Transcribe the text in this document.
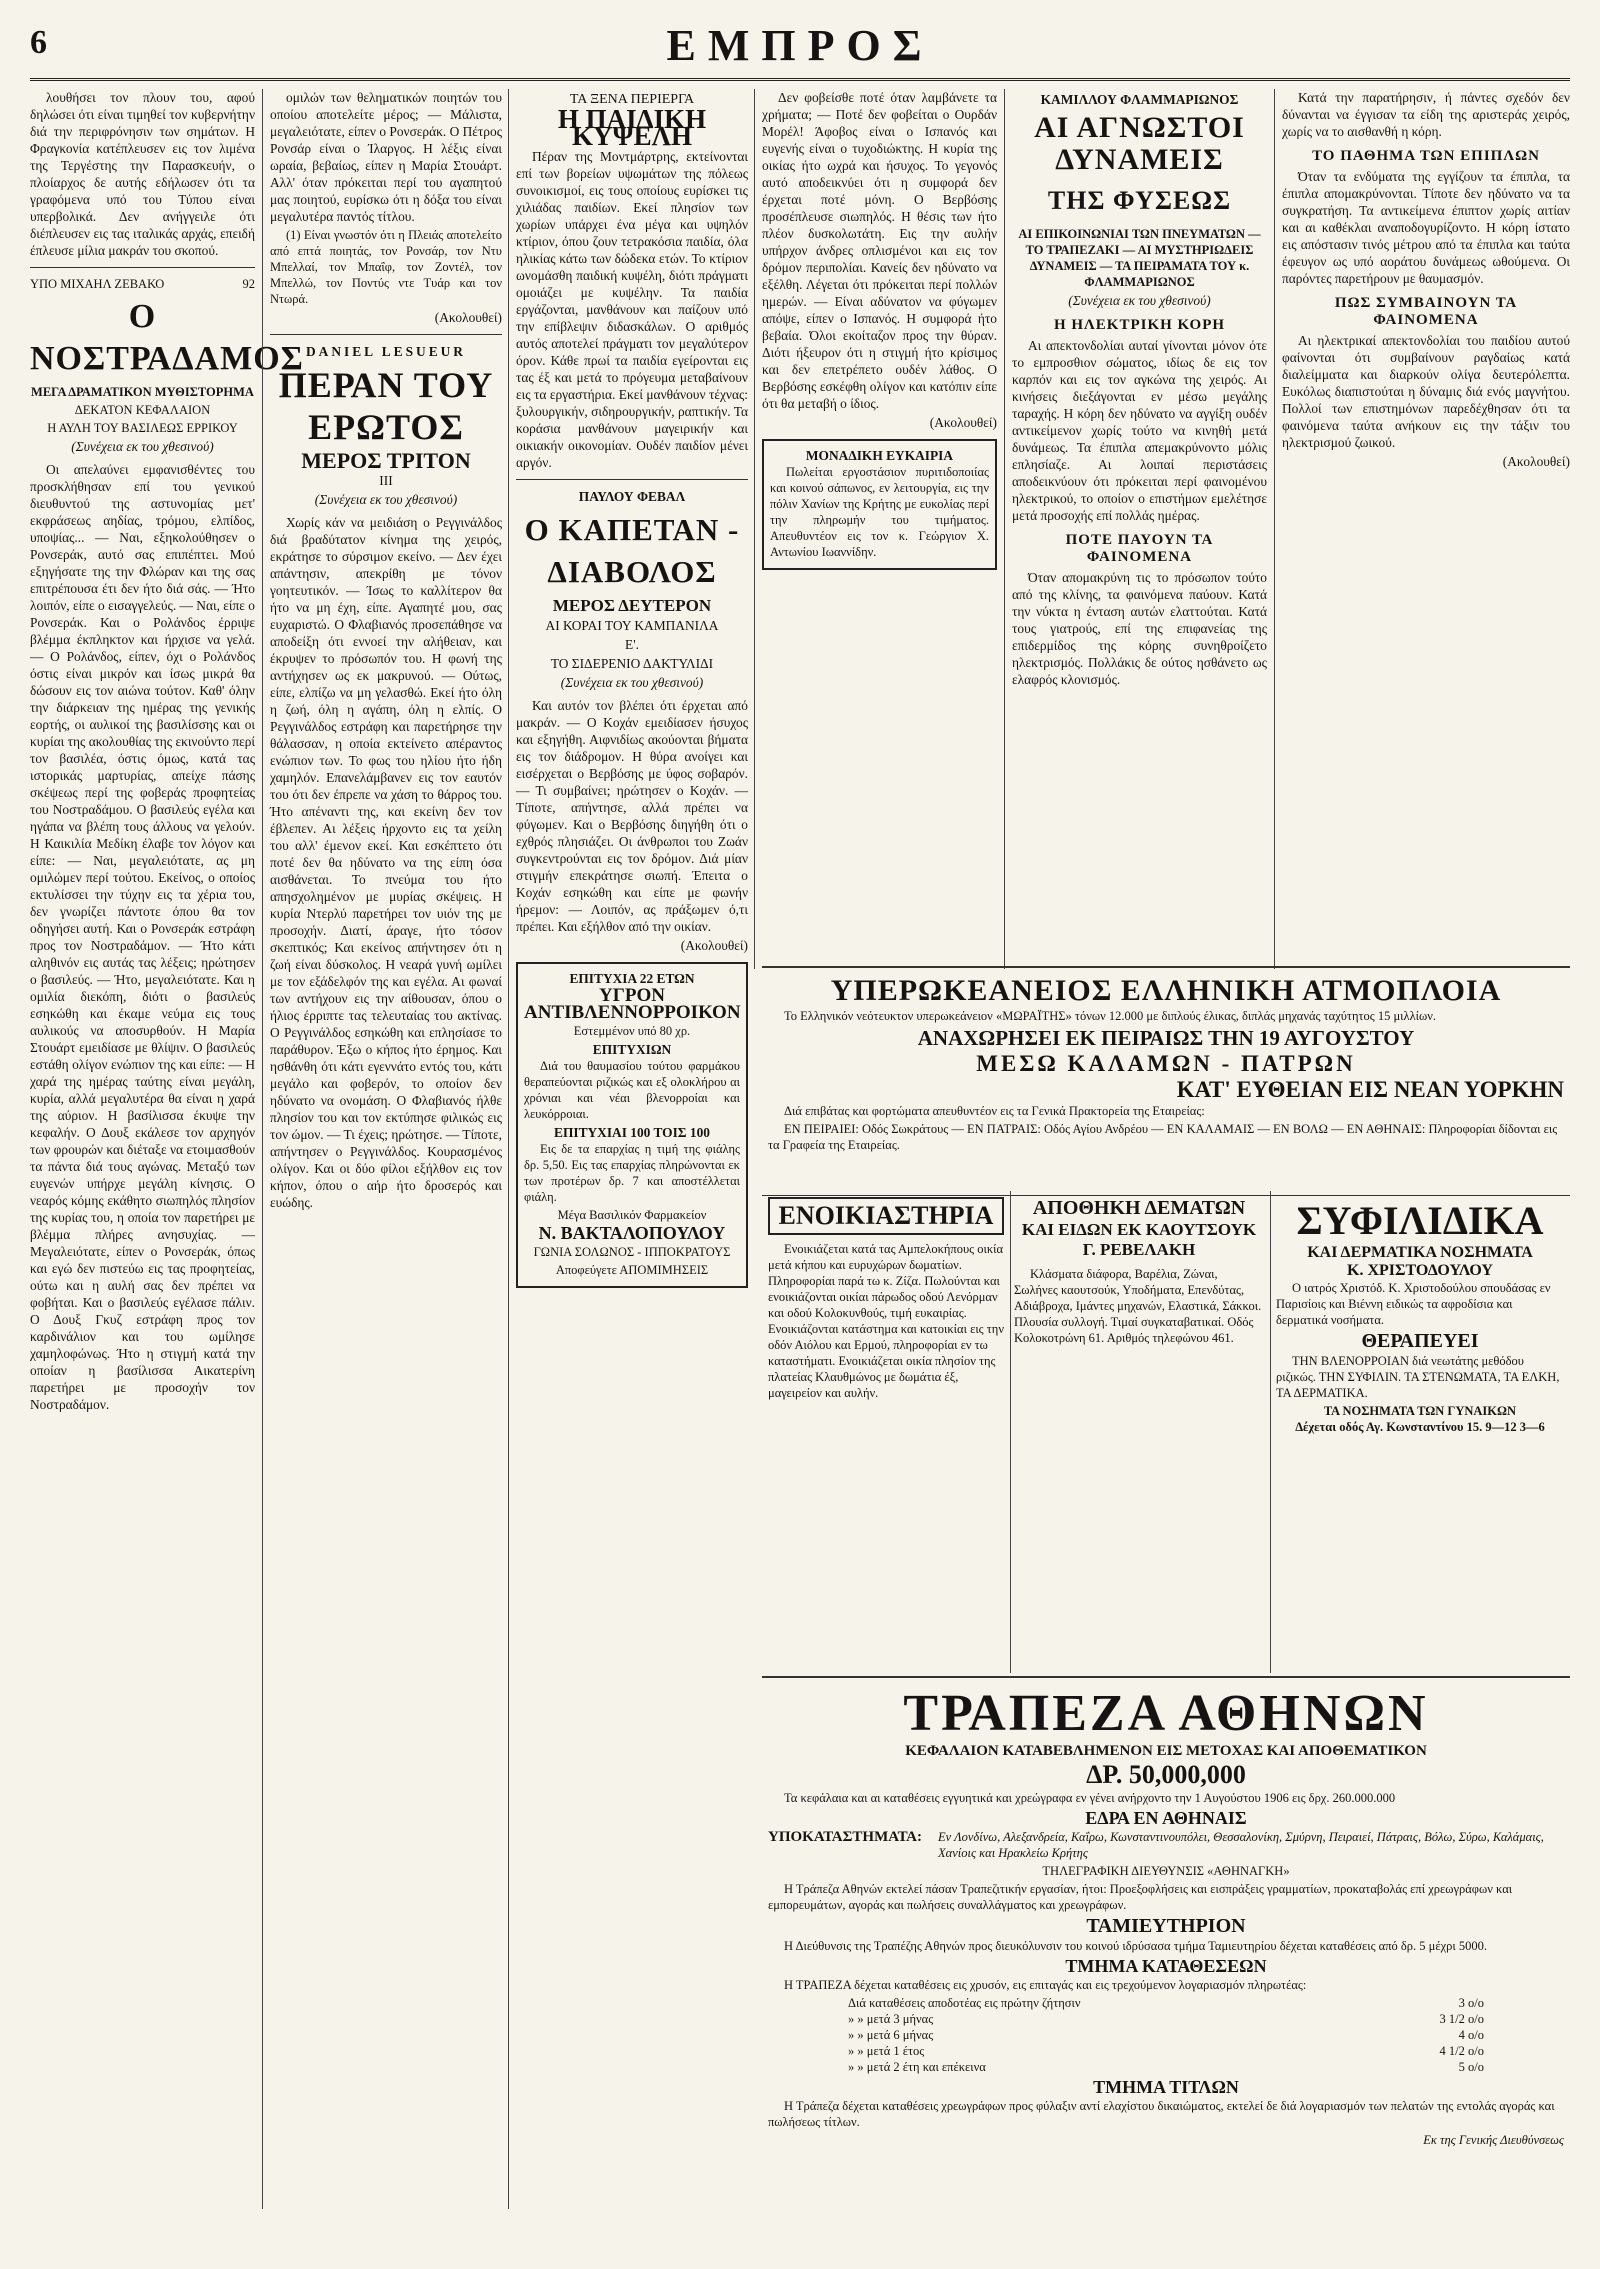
6	ΕΜΠΡΟΣ

λουθήσει τον πλουν του, αφού δηλώσει ότι είναι τιμηθεί τον κυβερνήτην διά την περιφρόνησιν των σημάτων. Η Φραγκονία κατέπλευσεν εις τον λιμένα της Τεργέστης την Παρασκευήν, ο πλοίαρχος δε αυτής εδήλωσεν ότι τα γραφόμενα υπό του Τύπου είναι υπερβολικά. Δεν ανήγγειλε ότι διέπλευσεν εις τας ιταλικάς αρχάς, επειδή έπλευσε μίλια μακράν του σκοπού.

ΥΠΟ ΜΙΧΑΗΛ ΖΕΒΑΚΟ	92
Ο ΝΟΣΤΡΑΔΑΜΟΣ
ΜΕΓΑ ΔΡΑΜΑΤΙΚΟΝ ΜΥΘΙΣΤΟΡΗΜΑ
ΔΕΚΑΤΟΝ ΚΕΦΑΛΑΙΟΝ
Η ΑΥΛΗ ΤΟΥ ΒΑΣΙΛΕΩΣ ΕΡΡΙΚΟΥ
(Συνέχεια εκ του χθεσινού)

Οι απελαύνει εμφανισθέντες του προσκλήθησαν επί του γενικού διευθυντού της αστυνομίας μετ' εκφράσεως αηδίας, τρόμου, ελπίδος, υποψίας... — Ναι, εξηκολούθησεν ο Ρονσεράκ, αυτό σας επιπέπτει. Μού εξηγήσατε της την Φλώραν και της σας επιτρέπουσα έτι δεν ήτο διά σάς. — Ήτο λοιπόν, είπε ο εισαγγελεύς. — Ναι, είπε ο Ρονσεράκ. Και ο Ρολάνδος έρριψε βλέμμα έκπληκτον και ήρχισε να γελά. — Ο Ρολάνδος, είπεν, όχι ο Ρολάνδος όστις είναι μικρόν και ίσως μικρά θα δώσουν εις τον αιώνα τούτον. Καθ' όλην την διάρκειαν της ημέρας της γενικής εορτής, οι αυλικοί της βασιλίσσης και οι κυρίαι της ακολουθίας της εκινούντο περί τον βασιλέα, όστις όμως, κατά τας ιστορικάς μαρτυρίας, απείχε πάσης σκέψεως περί της φοβεράς προφητείας του Νοστραδάμου. Ο βασιλεύς εγέλα και ηγάπα να βλέπη τους άλλους να γελούν. Η Καικιλία Μεδίκη έλαβε τον λόγον και είπε: — Ναι, μεγαλειότατε, ας μη ομιλώμεν περί τούτου. Εκείνος, ο οποίος εκτυλίσσει την τύχην εις τα χέρια του, δεν γνωρίζει πάντοτε όπου θα τον οδηγήσει αυτή. Και ο Ρονσεράκ εστράφη προς τον Νοστραδάμον. — Ήτο κάτι αληθινόν εις αυτάς τας λέξεις; ηρώτησεν ο βασιλεύς. — Ήτο, μεγαλειότατε. Και η ομιλία διεκόπη, διότι ο βασιλεύς εσηκώθη και έκαμε νεύμα εις τους αυλικούς να αποσυρθούν. Η Μαρία Στουάρτ εμειδίασε με θλίψιν. Ο βασιλεύς εστάθη ολίγον ενώπιον της και είπε: — Η χαρά της ημέρας ταύτης είναι μεγάλη, κυρία, αλλά μεγαλυτέρα θα είναι η χαρά της αύριον. Η βασίλισσα έκυψε την κεφαλήν. Ο Δουξ εκάλεσε τον αρχηγόν των φρουρών και διέταξε να ετοιμασθούν τα πάντα διά τους αγώνας. Μεταξύ των ευγενών υπήρχε μεγάλη κίνησις. Ο νεαρός κόμης εκάθητο σιωπηλός πλησίον της κυρίας του, η οποία τον παρετήρει με βλέμμα πλήρες ανησυχίας. — Μεγαλειότατε, είπεν ο Ρονσεράκ, όπως και εγώ δεν πιστεύω εις τας προφητείας, ούτω και η αυλή σας δεν πρέπει να φοβήται. Και ο βασιλεύς εγέλασε πάλιν. Ο Δουξ Γκυζ εστράφη προς τον καρδινάλιον και του ωμίλησε χαμηλοφώνως. Ήτο η στιγμή κατά την οποίαν η βασίλισσα Αικατερίνη παρετήρει με προσοχήν τον Νοστραδάμον.

ομιλών των θεληματικών ποιητών του οποίου αποτελείτε μέρος; — Μάλιστα, μεγαλειότατε, είπεν ο Ρονσεράκ. Ο Πέτρος Ρονσάρ είναι ο Ίλαργος. Η λέξις είναι ωραία, βεβαίως, είπεν η Μαρία Στουάρτ. Αλλ' όταν πρόκειται περί του αγαπητού μας ποιητού, ευρίσκω ότι η δόξα του είναι μεγαλυτέρα παντός τίτλου.

(1) Είναι γνωστόν ότι η Πλειάς αποτελείτο από επτά ποιητάς, τον Ρονσάρ, τον Ντυ Μπελλαί, τον Μπαΐφ, τον Ζοντέλ, τον Μπελλώ, τον Ποντύς ντε Τυάρ και τον Ντωρά.

(Ακολουθεί)
DANIEL LESUEUR
ΠΕΡΑΝ ΤΟΥ ΕΡΩΤΟΣ
ΜΕΡΟΣ ΤΡΙΤΟΝ
ΙΙΙ
(Συνέχεια εκ του χθεσινού)

Χωρίς κάν να μειδιάση ο Ρεγγινάλδος διά βραδύτατον κίνημα της χειρός, εκράτησε το σύρσιμον εκείνο. — Δεν έχει απάντησιν, απεκρίθη με τόνον γοητευτικόν. — Ίσως το καλλίτερον θα ήτο να μη έχη, είπε. Αγαπητέ μου, σας ευχαριστώ. Ο Φλαβιανός προσεπάθησε να αποδείξη ότι εννοεί την αλήθειαν, και έκρυψεν το πρόσωπόν του. Η φωνή της αντήχησεν ως εκ μακρυνού. — Ούτως, είπε, ελπίζω να μη γελασθώ. Εκεί ήτο όλη η ζωή, όλη η αγάπη, όλη η ελπίς. Ο Ρεγγινάλδος εστράφη και παρετήρησε την θάλασσαν, η οποία εκτείνετο απέραντος ενώπιον των. Το φως του ηλίου ήτο ήδη χαμηλόν. Επανελάμβανεν εις τον εαυτόν του ότι δεν έπρεπε να χάση το θάρρος του. Ήτο απέναντι της, και εκείνη δεν τον έβλεπεν. Αι λέξεις ήρχοντο εις τα χείλη του αλλ' έμενον εκεί. Και εσκέπτετο ότι ποτέ δεν θα ηδύνατο να της είπη όσα αισθάνεται. Το πνεύμα του ήτο απησχολημένον με μυρίας σκέψεις. Η κυρία Ντερλύ παρετήρει τον υιόν της με προσοχήν. Διατί, άραγε, ήτο τόσον σκεπτικός; Και εκείνος απήντησεν ότι η ζωή είναι δύσκολος. Η νεαρά γυνή ωμίλει με τον εξάδελφόν της και εγέλα. Αι φωναί των αντήχουν εις την αίθουσαν, όπου ο ήλιος έρριπτε τας τελευταίας του ακτίνας. Ο Ρεγγινάλδος εσηκώθη και επλησίασε το παράθυρον. Έξω ο κήπος ήτο έρημος. Και ησθάνθη ότι κάτι εγεννάτο εντός του, κάτι μεγάλο και φοβερόν, το οποίον δεν ηδύνατο να ονομάση. Ο Φλαβιανός ήλθε πλησίον του και τον εκτύπησε φιλικώς εις τον ώμον. — Τι έχεις; ηρώτησε. — Τίποτε, απήντησεν ο Ρεγγινάλδος. Κουρασμένος ολίγον. Και οι δύο φίλοι εξήλθον εις τον κήπον, όπου ο αήρ ήτο δροσερός και ευώδης.

ΤΑ ΞΕΝΑ ΠΕΡΙΕΡΓΑ
Η ΠΑΙΔΙΚΗ ΚΥΨΕΛΗ

Πέραν της Μοντμάρτρης, εκτείνονται επί των βορείων υψωμάτων της πόλεως συνοικισμοί, εις τους οποίους ευρίσκει τις χιλιάδας παιδίων. Εκεί πλησίον των χωρίων υπάρχει ένα μέγα και υψηλόν κτίριον, όπου ζουν τετρακόσια παιδία, όλα ηλικίας κάτω των δώδεκα ετών. Το κτίριον ωνομάσθη παιδική κυψέλη, διότι πράγματι ομοιάζει με κυψέλην. Τα παιδία εργάζονται, μανθάνουν και παίζουν υπό την επίβλεψιν διδασκάλων. Ο αριθμός αυτός αποτελεί πράγματι τον μεγαλύτερον όρον. Κάθε πρωί τα παιδία εγείρονται εις τας έξ και μετά το πρόγευμα μεταβαίνουν εις τα εργαστήρια. Εκεί μανθάνουν τέχνας: ξυλουργικήν, σιδηρουργικήν, ραπτικήν. Τα κοράσια μανθάνουν μαγειρικήν και οικιακήν οικονομίαν. Ουδέν παιδίον μένει αργόν.

ΠΑΥΛΟΥ ΦΕΒΑΛ
Ο ΚΑΠΕΤΑΝ - ΔΙΑΒΟΛΟΣ
ΜΕΡΟΣ ΔΕΥΤΕΡΟΝ
ΑΙ ΚΟΡΑΙ ΤΟΥ ΚΑΜΠΑΝΙΛΑ
Ε'.
ΤΟ ΣΙΔΕΡΕΝΙΟ ΔΑΚΤΥΛΙΔΙ
(Συνέχεια εκ του χθεσινού)

Και αυτόν τον βλέπει ότι έρχεται από μακράν. — Ο Κοχάν εμειδίασεν ήσυχος και εξηγήθη. Αιφνιδίως ακούονται βήματα εις τον διάδρομον. Η θύρα ανοίγει και εισέρχεται ο Βερβόσης με ύφος σοβαρόν. — Τι συμβαίνει; ηρώτησεν ο Κοχάν. — Τίποτε, απήντησε, αλλά πρέπει να φύγωμεν. Και ο Βερβόσης διηγήθη ότι ο εχθρός πλησιάζει. Οι άνθρωποι του Ζωάν συγκεντρούνται εις τον δρόμον. Διά μίαν στιγμήν επεκράτησε σιωπή. Έπειτα ο Κοχάν εσηκώθη και είπε με φωνήν ήρεμον: — Λοιπόν, ας πράξωμεν ό,τι πρέπει. Και εξήλθον από την οικίαν.

(Ακολουθεί)
ΕΠΙΤΥΧΙΑ 22 ΕΤΩΝ
ΥΓΡΟΝ ΑΝΤΙΒΛΕΝΝΟΡΡΟΙΚΟΝ
Εστεμμένον υπό 80 χρ.
ΕΠΙΤΥΧΙΩΝ

Διά του θαυμασίου τούτου φαρμάκου θεραπεύονται ριζικώς και εξ ολοκλήρου αι χρόνιαι και νέαι βλενορροίαι και λευκόρροιαι.

ΕΠΙΤΥΧΙΑΙ 100 ΤΟΙΣ 100

Εις δε τα επαρχίας η τιμή της φιάλης δρ. 5,50. Εις τας επαρχίας πληρώνονται εκ των προτέρων δρ. 7 και αποστέλλεται φιάλη.

Μέγα Βασιλικόν Φαρμακείον
Ν. ΒΑΚΤΑΛΟΠΟΥΛΟΥ
ΓΩΝΙΑ ΣΟΛΩΝΟΣ - ΙΠΠΟΚΡΑΤΟΥΣ
Αποφεύγετε ΑΠΟΜΙΜΗΣΕΙΣ

Δεν φοβείσθε ποτέ όταν λαμβάνετε τα χρήματα; — Ποτέ δεν φοβείται ο Ουρδάν Μορέλ! Άφοβος είναι ο Ισπανός και ευγενής είναι ο τυχοδιώκτης. Η κυρία της οικίας ήτο ωχρά και ήσυχος. Το γεγονός αυτό αποδεικνύει ότι η συμφορά δεν έρχεται ποτέ μόνη. Ο Βερβόσης προσέπλευσε σιωπηλός. Η θέσις των ήτο πλέον δυσκολωτάτη. Εις την αυλήν υπήρχον άνδρες οπλισμένοι και εις τον δρόμον περιπολίαι. Κανείς δεν ηδύνατο να εξέλθη. Λέγεται ότι πρόκειται περί πολλών ημερών. — Είναι αδύνατον να φύγωμεν απόψε, είπεν ο Ισπανός. Η συμφορά ήτο βεβαία. Όλοι εκοίταζον προς την θύραν. Διότι ήξευρον ότι η στιγμή ήτο κρίσιμος και δεν επετρέπετο ουδέν λάθος. Ο Βερβόσης εσκέφθη ολίγον και κατόπιν είπε ότι θα μεταβή ο ίδιος.

(Ακολουθεί)
ΜΟΝΑΔΙΚΗ ΕΥΚΑΙΡΙΑ

Πωλείται εργοστάσιον πυριτιδοποιίας και κοινού σάπωνος, εν λειτουργία, εις την πόλιν Χανίων της Κρήτης με ευκολίας περί την πληρωμήν του τιμήματος. Απευθυντέον εις τον κ. Γεώργιον Χ. Αντωνίου Ιωαννίδην.

ΚΑΜΙΛΛΟΥ ΦΛΑΜΜΑΡΙΩΝΟΣ
ΑΙ ΑΓΝΩΣΤΟΙ ΔΥΝΑΜΕΙΣ
ΤΗΣ ΦΥΣΕΩΣ
ΑΙ ΕΠΙΚΟΙΝΩΝΙΑΙ ΤΩΝ ΠΝΕΥΜΑΤΩΝ — ΤΟ ΤΡΑΠΕΖΑΚΙ — ΑΙ ΜΥΣΤΗΡΙΩΔΕΙΣ ΔΥΝΑΜΕΙΣ — ΤΑ ΠΕΙΡΑΜΑΤΑ ΤΟΥ κ. ΦΛΑΜΜΑΡΙΩΝΟΣ
(Συνέχεια εκ του χθεσινού)
Η ΗΛΕΚΤΡΙΚΗ ΚΟΡΗ

Αι απεκτονδολίαι αυταί γίνονται μόνον ότε το εμπροσθιον σώματος, ιδίως δε εις τον καρπόν και εις τον αγκώνα της χειρός. Αι κινήσεις διεξάγονται εν μέσω μεγάλης ταραχής. Η κόρη δεν ηδύνατο να αγγίξη ουδέν αντικείμενον χωρίς τούτο να κινηθή μετά δυνάμεως. Τα έπιπλα απεμακρύνοντο μόλις επλησίαζε. Αι λοιπαί περιστάσεις αποδεικνύουν ότι πρόκειται περί φαινομένου ηλεκτρικού, το οποίον ο επιστήμων εμελέτησε μετά προσοχής επί πολλάς ημέρας.

ΠΟΤΕ ΠΑΥΟΥΝ ΤΑ ΦΑΙΝΟΜΕΝΑ

Όταν απομακρύνη τις το πρόσωπον τούτο από της κλίνης, τα φαινόμενα παύουν. Κατά την νύκτα η ένταση αυτών ελαττούται. Κατά τους γιατρούς, επί της επιφανείας της επιδερμίδος της κόρης συνηθροίζετο ηλεκτρισμός. Πολλάκις δε ούτος ησθάνετο ως ελαφρός κλονισμός.

Κατά την παρατήρησιν, ή πάντες σχεδόν δεν δύνανται να έγγισαν τα είδη της αριστεράς χειρός, χωρίς να το αισθανθή η κόρη.

ΤΟ ΠΑΘΗΜΑ ΤΩΝ ΕΠΙΠΛΩΝ

Όταν τα ενδύματα της εγγίζουν τα έπιπλα, τα έπιπλα απομακρύνονται. Τίποτε δεν ηδύνατο να τα συγκρατήση. Τα αντικείμενα έπιπτον χωρίς αιτίαν και αι καθέκλαι αναποδογυρίζοντο. Η κόρη ίστατο εις απόστασιν τινός μέτρου από τα έπιπλα και ταύτα έφευγον ως υπό αοράτου δυνάμεως ωθούμενα. Οι παρόντες παρετήρουν με θαυμασμόν.

ΠΩΣ ΣΥΜΒΑΙΝΟΥΝ ΤΑ ΦΑΙΝΟΜΕΝΑ

Αι ηλεκτρικαί απεκτονδολίαι του παιδίου αυτού φαίνονται ότι συμβαίνουν ραγδαίως κατά διαλείμματα και διαρκούν ολίγα δευτερόλεπτα. Ευκόλως διαπιστούται η δύναμις διά ενός μαγνήτου. Πολλοί των επιστημόνων παρεδέχθησαν ότι τα φαινόμενα ταύτα ανήκουν εις την τάξιν του ηλεκτρισμού ζωικού.

(Ακολουθεί)
ΥΠΕΡΩΚΕΑΝΕΙΟΣ ΕΛΛΗΝΙΚΗ ΑΤΜΟΠΛΟΙΑ

Το Ελληνικόν νεότευκτον υπερωκεάνειον «ΜΩΡΑΪΤΗΣ» τόνων 12.000 με διπλούς έλικας, διπλάς μηχανάς ταχύτητος 15 μιλλίων.

ΑΝΑΧΩΡΗΣΕΙ ΕΚ ΠΕΙΡΑΙΩΣ ΤΗΝ 19 ΑΥΓΟΥΣΤΟΥ
ΜΕΣΩ ΚΑΛΑΜΩΝ - ΠΑΤΡΩΝ
ΚΑΤ' ΕΥΘΕΙΑΝ ΕΙΣ ΝΕΑΝ ΥΟΡΚΗΝ

Διά επιβάτας και φορτώματα απευθυντέον εις τα Γενικά Πρακτορεία της Εταιρείας:

ΕΝ ΠΕΙΡΑΙΕΙ: Οδός Σωκράτους — ΕΝ ΠΑΤΡΑΙΣ: Οδός Αγίου Ανδρέου — ΕΝ ΚΑΛΑΜΑΙΣ — ΕΝ ΒΟΛΩ — ΕΝ ΑΘΗΝΑΙΣ: Πληροφορίαι δίδονται εις τα Γραφεία της Εταιρείας.

ΕΝΟΙΚΙΑΣΤΗΡΙΑ

Ενοικιάζεται κατά τας Αμπελοκήπους οικία μετά κήπου και ευρυχώρων δωματίων. Πληροφορίαι παρά τω κ. Ζίζα. Πωλούνται και ενοικιάζονται οικίαι πάρωδος οδού Λενόρμαν και οδού Κολοκυνθούς, τιμή ευκαιρίας. Ενοικιάζονται κατάστημα και κατοικίαι εις την οδόν Αιόλου και Ερμού, πληροφορίαι εν τω καταστήματι. Ενοικιάζεται οικία πλησίον της πλατείας Κλαυθμώνος με δωμάτια έξ, μαγειρείον και αυλήν.

ΑΠΟΘΗΚΗ ΔΕΜΑΤΩΝ
ΚΑΙ ΕΙΔΩΝ ΕΚ ΚΑΟΥΤΣΟΥΚ
Γ. ΡΕΒΕΛΑΚΗ

Κλάσματα διάφορα, Βαρέλια, Ζώναι, Σωλήνες καουτσούκ, Υποδήματα, Επενδύτας, Αδιάβροχα, Ιμάντες μηχανών, Ελαστικά, Σάκκοι. Πλουσία συλλογή. Τιμαί συγκαταβατικαί. Οδός Κολοκοτρώνη 61. Αριθμός τηλεφώνου 461.

ΣΥΦΙΛΙΔΙΚΑ
ΚΑΙ ΔΕΡΜΑΤΙΚΑ ΝΟΣΗΜΑΤΑ
Κ. ΧΡΙΣΤΟΔΟΥΛΟΥ

Ο ιατρός Χριστόδ. Κ. Χριστοδούλου σπουδάσας εν Παρισίοις και Βιέννη ειδικώς τα αφροδίσια και δερματικά νοσήματα.

ΘΕΡΑΠΕΥΕΙ

ΤΗΝ ΒΛΕΝΟΡΡΟΙΑΝ διά νεωτάτης μεθόδου ριζικώς. ΤΗΝ ΣΥΦΙΛΙΝ. ΤΑ ΣΤΕΝΩΜΑΤΑ, ΤΑ ΕΛΚΗ, ΤΑ ΔΕΡΜΑΤΙΚΑ.

ΤΑ ΝΟΣΗΜΑΤΑ ΤΩΝ ΓΥΝΑΙΚΩΝ
Δέχεται οδός Αγ. Κωνσταντίνου 15. 9—12 3—6
ΤΡΑΠΕΖΑ ΑΘΗΝΩΝ
ΚΕΦΑΛΑΙΟΝ ΚΑΤΑΒΕΒΛΗΜΕΝΟΝ ΕΙΣ ΜΕΤΟΧΑΣ ΚΑΙ ΑΠΟΘΕΜΑΤΙΚΟΝ
ΔΡ. 50,000,000

Τα κεφάλαια και αι καταθέσεις εγγυητικά και χρεώγραφα εν γένει ανήρχοντο την 1 Αυγούστου 1906 εις δρχ. 260.000.000

ΕΔΡΑ ΕΝ ΑΘΗΝΑΙΣ
ΥΠΟΚΑΤΑΣΤΗΜΑΤΑ:	Εν Λονδίνω, Αλεξανδρεία, Καΐρω, Κωνσταντινουπόλει, Θεσσαλονίκη, Σμύρνη, Πειραιεί, Πάτραις, Βόλω, Σύρω, Καλάμαις, Χανίοις και Ηρακλείω Κρήτης
ΤΗΛΕΓΡΑΦΙΚΗ ΔΙΕΥΘΥΝΣΙΣ «ΑΘΗΝΑΓΚΗ»

Η Τράπεζα Αθηνών εκτελεί πάσαν Τραπεζιτικήν εργασίαν, ήτοι: Προεξοφλήσεις και εισπράξεις γραμματίων, προκαταβολάς επί χρεωγράφων και εμπορευμάτων, αγοράς και πωλήσεις συναλλάγματος και χρεωγράφων.

ΤΑΜΙΕΥΤΗΡΙΟΝ

Η Διεύθυνσις της Τραπέζης Αθηνών προς διευκόλυνσιν του κοινού ιδρύσασα τμήμα Ταμιευτηρίου δέχεται καταθέσεις από δρ. 5 μέχρι 5000.

ΤΜΗΜΑ ΚΑΤΑΘΕΣΕΩΝ

Η ΤΡΑΠΕΖΑ δέχεται καταθέσεις εις χρυσόν, εις επιταγάς και εις τρεχούμενον λογαριασμόν πληρωτέας:

Διά καταθέσεις αποδοτέας εις πρώτην ζήτησιν	3 ο/ο
» » μετά 3 μήνας	3 1/2 ο/ο
» » μετά 6 μήνας	4 ο/ο
» » μετά 1 έτος	4 1/2 ο/ο
» » μετά 2 έτη και επέκεινα	5 ο/ο
ΤΜΗΜΑ ΤΙΤΛΩΝ

Η Τράπεζα δέχεται καταθέσεις χρεωγράφων προς φύλαξιν αντί ελαχίστου δικαιώματος, εκτελεί δε διά λογαριασμόν των πελατών της εντολάς αγοράς και πωλήσεως τίτλων.

Εκ της Γενικής Διευθύνσεως
